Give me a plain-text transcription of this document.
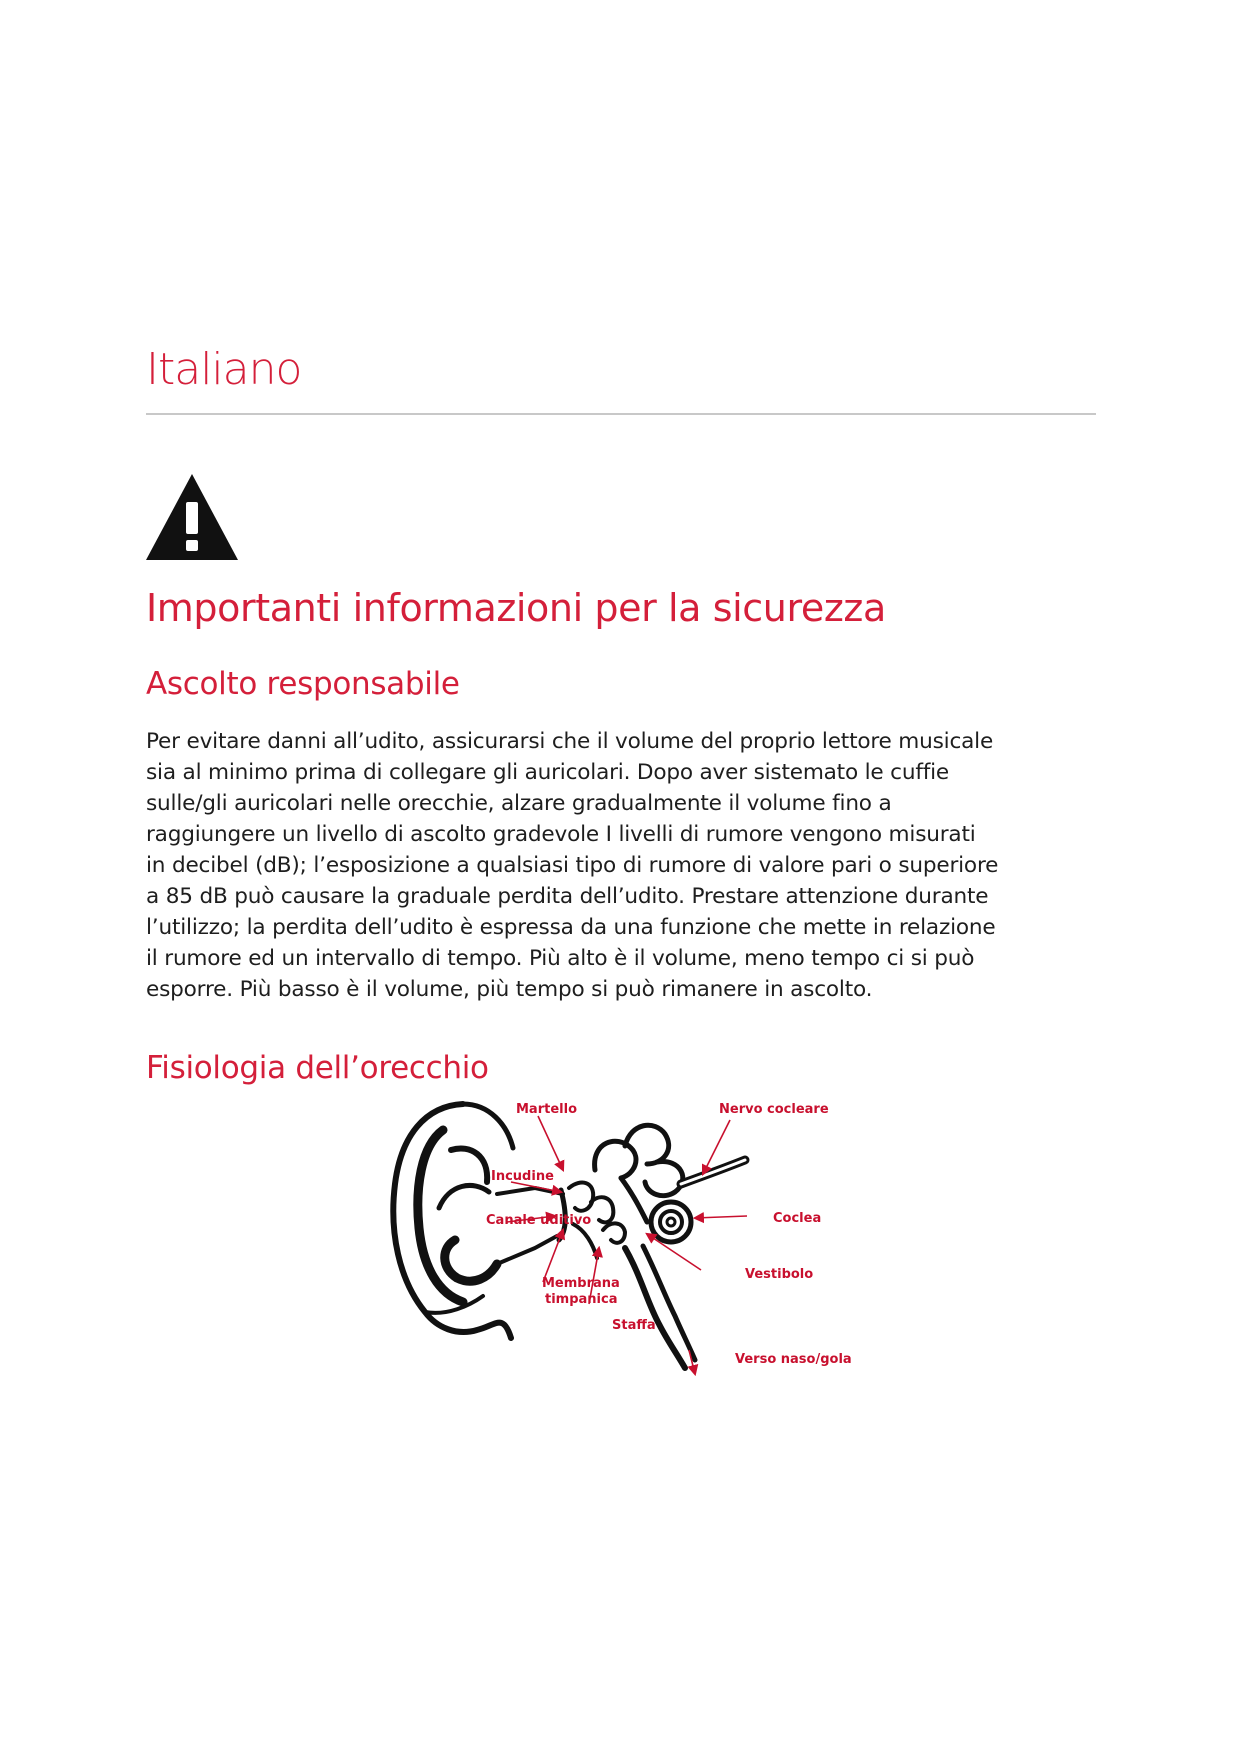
Italiano
Importanti informazioni per la sicurezza
Ascolto responsabile
Per evitare danni all’udito, assicurarsi che il volume del proprio lettore musicale
sia al minimo prima di collegare gli auricolari. Dopo aver sistemato le cuffie
sulle/gli auricolari nelle orecchie, alzare gradualmente il volume fino a
raggiungere un livello di ascolto gradevole I livelli di rumore vengono misurati
in decibel (dB); l’esposizione a qualsiasi tipo di rumore di valore pari o superiore
a 85 dB può causare la graduale perdita dell’udito. Prestare attenzione durante
l’utilizzo; la perdita dell’udito è espressa da una funzione che mette in relazione
il rumore ed un intervallo di tempo. Più alto è il volume, meno tempo ci si può
esporre. Più basso è il volume, più tempo si può rimanere in ascolto.
Fisiologia dell’orecchio
Martello	Nervo cocleare
Incudine
Coclea
Canale uditivo
Vestibolo
Membrana
timpanica
Staffa
Verso naso/gola
